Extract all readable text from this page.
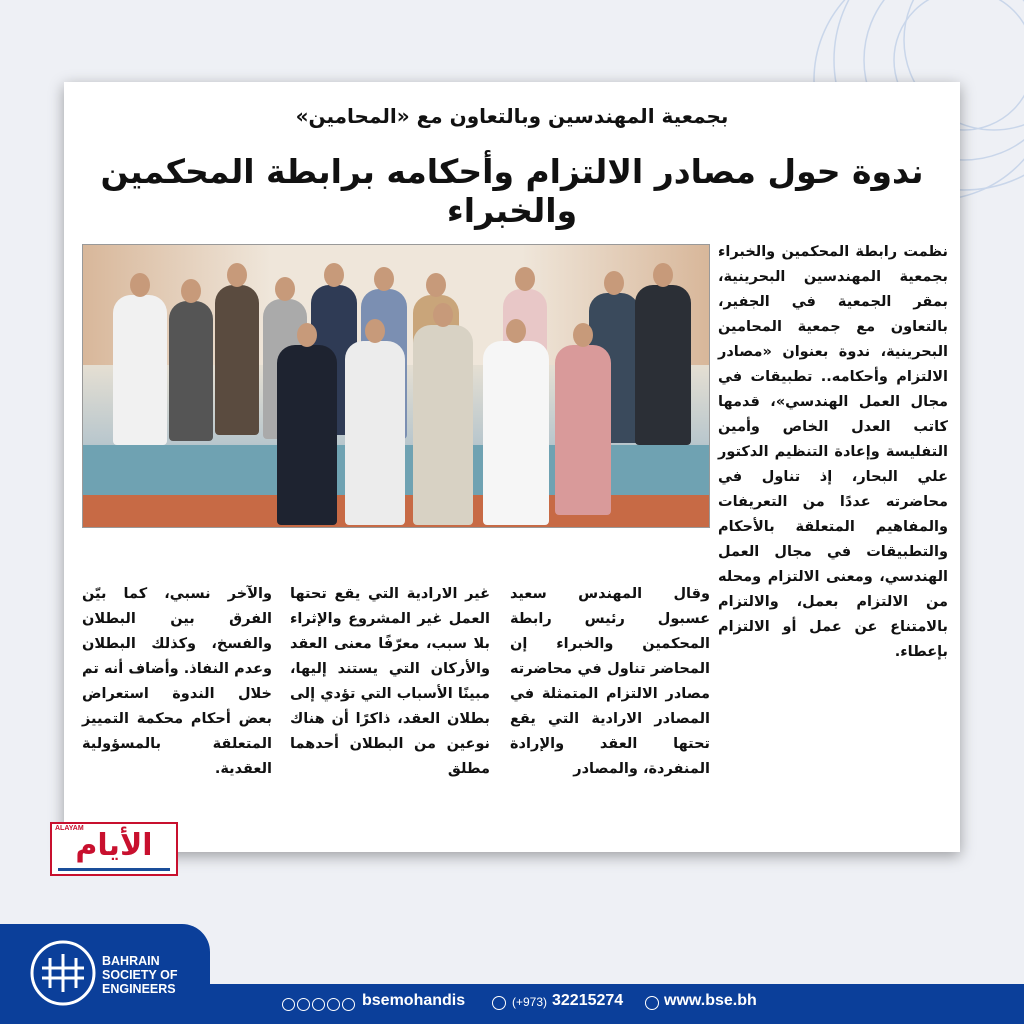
بجمعية المهندسين وبالتعاون مع «المحامين»
ندوة حول مصادر الالتزام وأحكامه برابطة المحكمين والخبراء

نظمت رابطة المحكمين والخبراء بجمعية المهندسين البحرينية، بمقر الجمعية في الجفير، بالتعاون مع جمعية المحامين البحرينية، ندوة بعنوان «مصادر الالتزام وأحكامه.. تطبيقات في مجال العمل الهندسي»، قدمها كاتب العدل الخاص وأمين التفليسة وإعادة التنظيم الدكتور علي البحار، إذ تناول في محاضرته عددًا من التعريفات والمفاهيم المتعلقة بالأحكام والتطبيقات في مجال العمل الهندسي، ومعنى الالتزام ومحله من الالتزام بعمل، والالتزام بالامتناع عن عمل أو الالتزام بإعطاء.

وقال المهندس سعيد عسبول رئيس رابطة المحكمين والخبراء إن المحاضر تناول في محاضرته مصادر الالتزام المتمثلة في المصادر الارادية التي يقع تحتها العقد والإرادة المنفردة، والمصادر

غير الارادية التي يقع تحتها العمل غير المشروع والإثراء بلا سبب، معرّفًا معنى العقد والأركان التي يستند إليها، مبينًا الأسباب التي تؤدي إلى بطلان العقد، ذاكرًا أن هناك نوعين من البطلان أحدهما مطلق

والآخر نسبي، كما بيّن الفرق بين البطلان والفسخ، وكذلك البطلان وعدم النفاذ. وأضاف أنه تم خلال الندوة استعراض بعض أحكام محكمة التمييز المتعلقة بالمسؤولية العقدية.

ALAYAM
الأيام
BAHRAIN
SOCIETY OF
ENGINEERS
bsemohandis	(+973) 32215274	www.bse.bh
